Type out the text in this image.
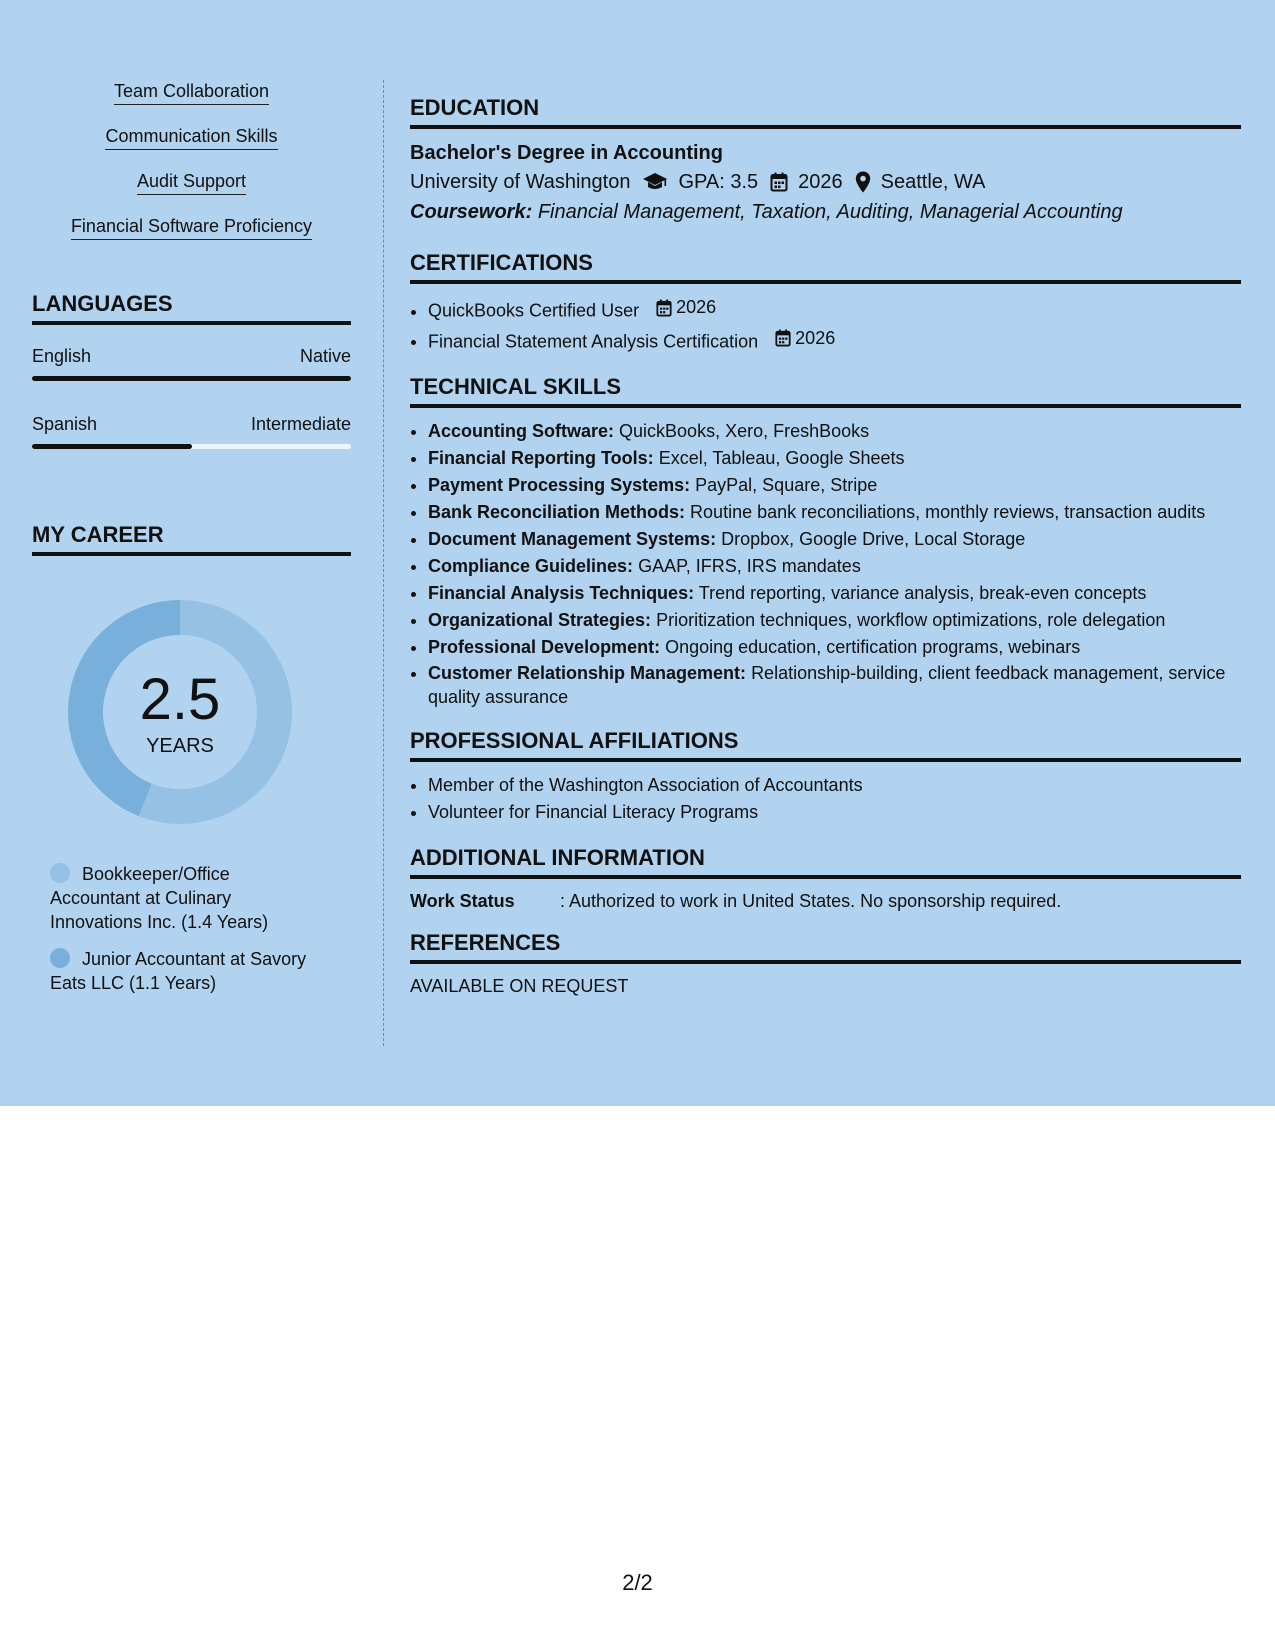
Team Collaboration
Communication Skills
Audit Support
Financial Software Proficiency
LANGUAGES
English	Native
Spanish	Intermediate
MY CAREER
2.5
YEARS
Bookkeeper/Office Accountant at Culinary Innovations Inc. (1.4 Years)
Junior Accountant at Savory Eats LLC (1.1 Years)
EDUCATION
Bachelor's Degree in Accounting
University of Washington GPA: 3.5 2026 Seattle, WA
Coursework: Financial Management, Taxation, Auditing, Managerial Accounting
CERTIFICATIONS
• QuickBooks Certified User 2026
• Financial Statement Analysis Certification 2026
TECHNICAL SKILLS
• Accounting Software: QuickBooks, Xero, FreshBooks
• Financial Reporting Tools: Excel, Tableau, Google Sheets
• Payment Processing Systems: PayPal, Square, Stripe
• Bank Reconciliation Methods: Routine bank reconciliations, monthly reviews, transaction audits
• Document Management Systems: Dropbox, Google Drive, Local Storage
• Compliance Guidelines: GAAP, IFRS, IRS mandates
• Financial Analysis Techniques: Trend reporting, variance analysis, break-even concepts
• Organizational Strategies: Prioritization techniques, workflow optimizations, role delegation
• Professional Development: Ongoing education, certification programs, webinars
• Customer Relationship Management: Relationship-building, client feedback management, service quality assurance
PROFESSIONAL AFFILIATIONS
• Member of the Washington Association of Accountants
• Volunteer for Financial Literacy Programs
ADDITIONAL INFORMATION
Work Status	: Authorized to work in United States. No sponsorship required.
REFERENCES
AVAILABLE ON REQUEST
2/2
